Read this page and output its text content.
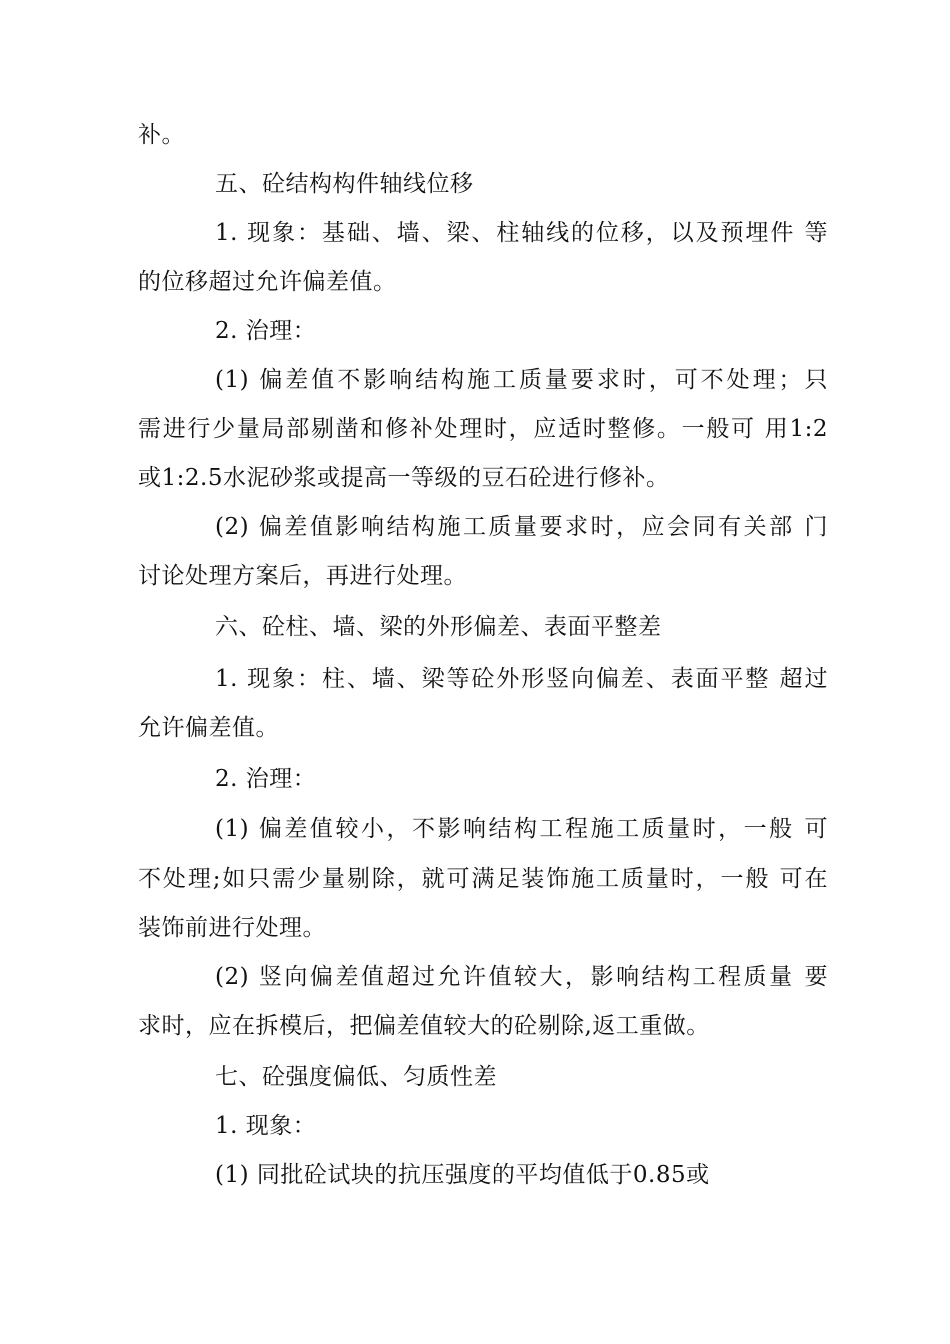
补。
五、砼结构构件轴线位移
1. 现象：基础、墙、梁、柱轴线的位移，以及预埋件 等
的位移超过允许偏差值。
2. 治理：
(1) 偏差值不影响结构施工质量要求时，可不处理；只
需进行少量局部剔凿和修补处理时，应适时整修。一般可 用1:2
或1:2.5水泥砂浆或提高一等级的豆石砼进行修补。
(2) 偏差值影响结构施工质量要求时，应会同有关部 门
讨论处理方案后，再进行处理。
六、砼柱、墙、梁的外形偏差、表面平整差
1. 现象：柱、墙、梁等砼外形竖向偏差、表面平整 超过
允许偏差值。
2. 治理：
(1) 偏差值较小，不影响结构工程施工质量时，一般 可
不处理;如只需少量剔除，就可满足装饰施工质量时，一般 可在
装饰前进行处理。
(2) 竖向偏差值超过允许值较大，影响结构工程质量 要
求时，应在拆模后，把偏差值较大的砼剔除,返工重做。
七、砼强度偏低、匀质性差
1. 现象：
(1) 同批砼试块的抗压强度的平均值低于0.85或
